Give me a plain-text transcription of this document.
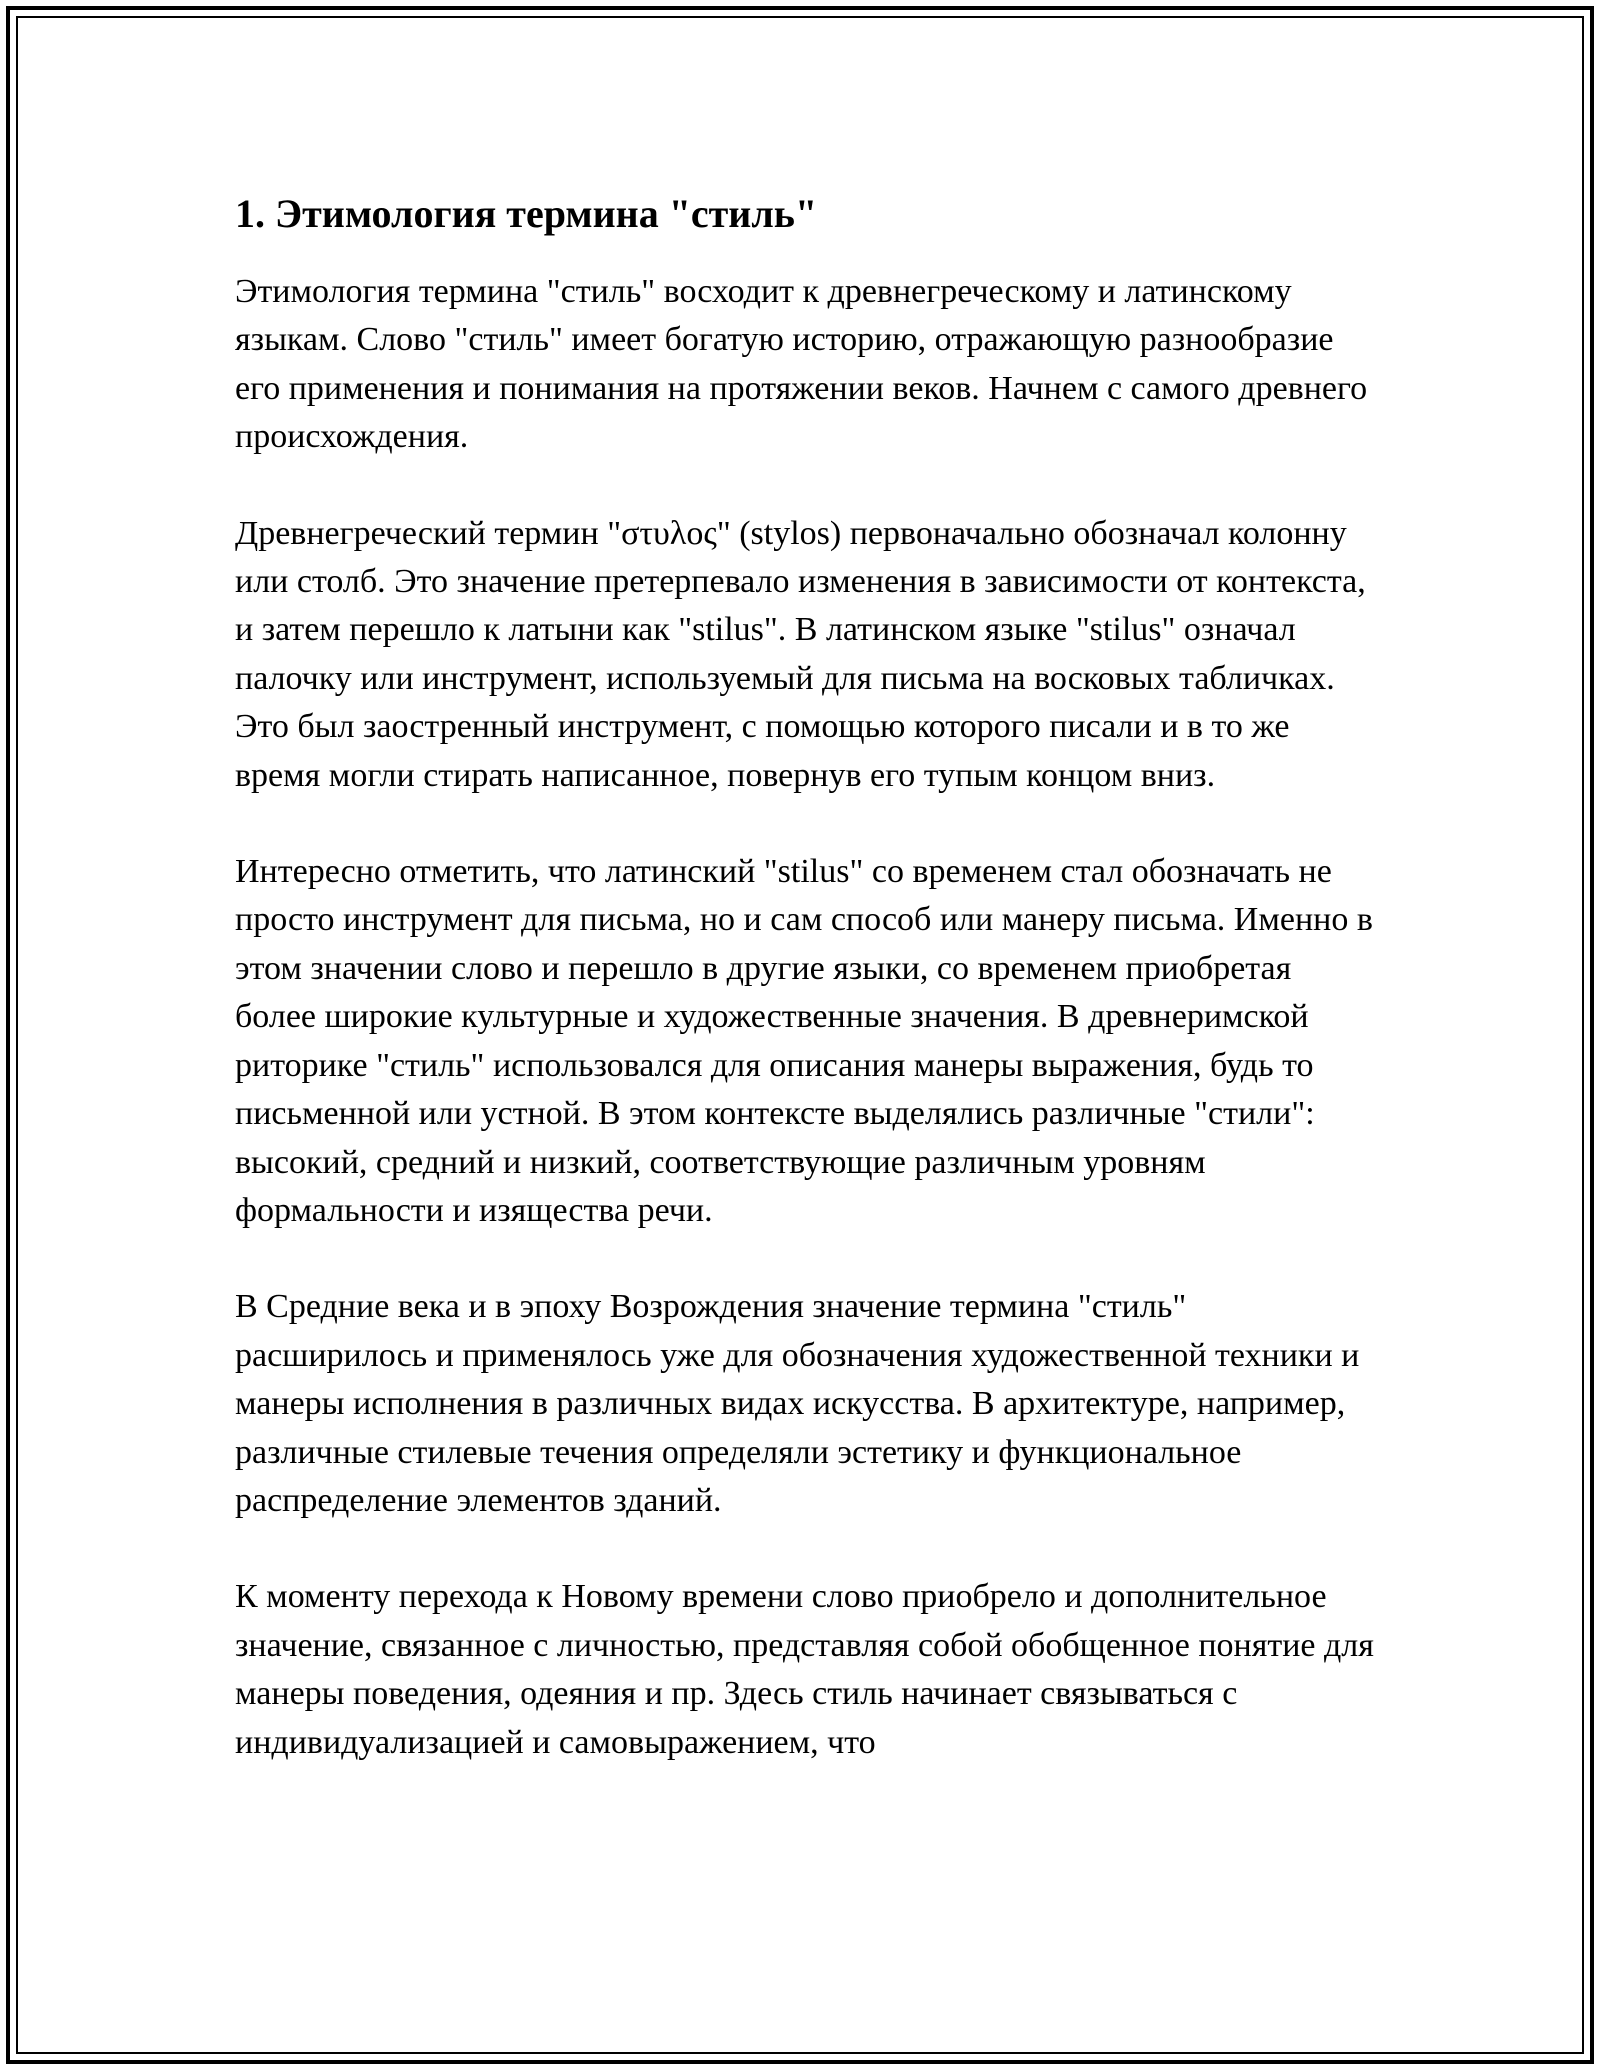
1. Этимология термина "стиль"

Этимология термина "стиль" восходит к древнегреческому и латинскому языкам. Слово "стиль" имеет богатую историю, отражающую разнообразие его применения и понимания на протяжении веков. Начнем с самого древнего происхождения.

Древнегреческий термин "στυλος" (stylos) первоначально обозначал колонну или столб. Это значение претерпевало изменения в зависимости от контекста, и затем перешло к латыни как "stilus". В латинском языке "stilus" означал палочку или инструмент, используемый для письма на восковых табличках. Это был заостренный инструмент, с помощью которого писали и в то же время могли стирать написанное, повернув его тупым концом вниз.

Интересно отметить, что латинский "stilus" со временем стал обозначать не просто инструмент для письма, но и сам способ или манеру письма. Именно в этом значении слово и перешло в другие языки, со временем приобретая более широкие культурные и художественные значения. В древнеримской риторике "стиль" использовался для описания манеры выражения, будь то письменной или устной. В этом контексте выделялись различные "стили": высокий, средний и низкий, соответствующие различным уровням формальности и изящества речи.

В Средние века и в эпоху Возрождения значение термина "стиль" расширилось и применялось уже для обозначения художественной техники и манеры исполнения в различных видах искусства. В архитектуре, например, различные стилевые течения определяли эстетику и функциональное распределение элементов зданий.

К моменту перехода к Новому времени слово приобрело и дополнительное значение, связанное с личностью, представляя собой обобщенное понятие для манеры поведения, одеяния и пр. Здесь стиль начинает связываться с индивидуализацией и самовыражением, что
